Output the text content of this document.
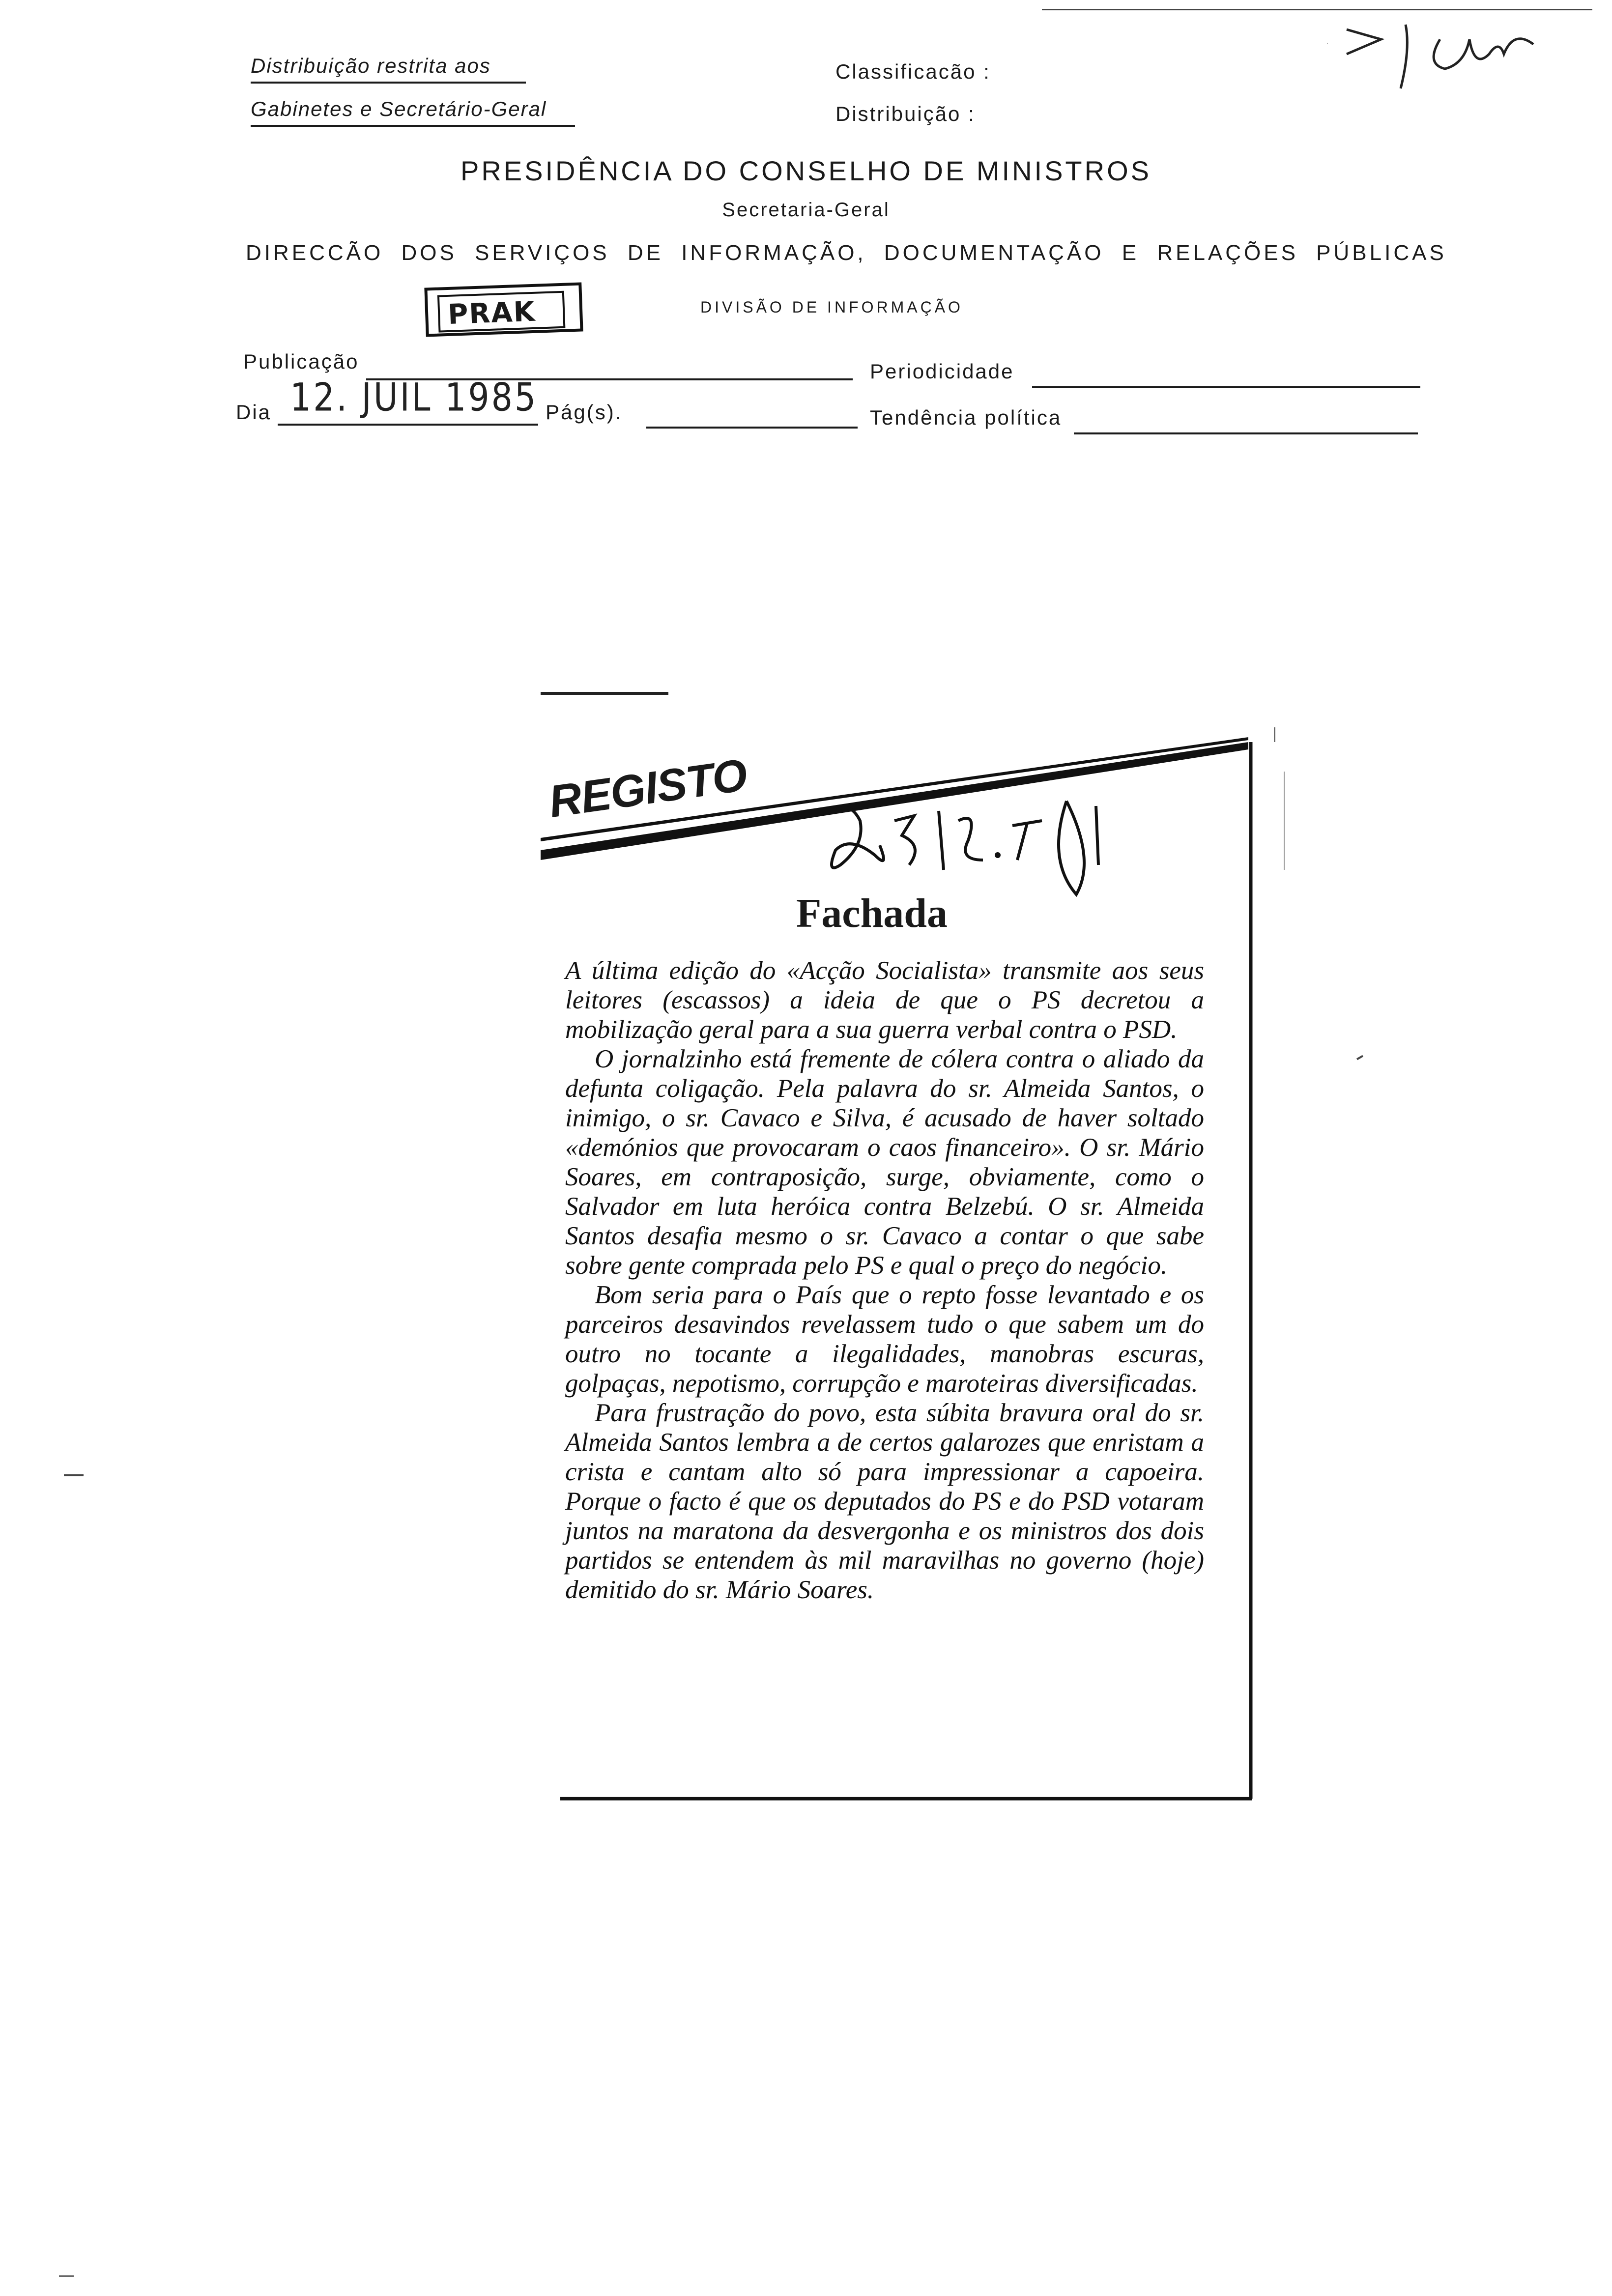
Distribuição restrita aos
Gabinetes e Secretário-Geral
Classificacão :
Distribuição :
PRESIDÊNCIA DO CONSELHO DE MINISTROS
Secretaria-Geral
DIRECCÃO DOS SERVIÇOS DE INFORMAÇÃO, DOCUMENTAÇÃO E RELAÇÕES PÚBLICAS
PRAK	DIVISÃO DE INFORMAÇÃO
Publicação	Periodicidade
Dia 12. JUIL 1985 Pág(s).	Tendência política
REGISTO
Fachada

A última edição do «Acção Socialista» transmite aos seus leitores (escassos) a ideia de que o PS decretou a mobilização geral para a sua guerra verbal contra o PSD.

O jornalzinho está fremente de cólera contra o aliado da defunta coligação. Pela palavra do sr. Almeida Santos, o inimigo, o sr. Cavaco e Silva, é acusado de haver soltado «demónios que provocaram o caos financeiro». O sr. Mário Soares, em contraposição, surge, obviamente, como o Salvador em luta heróica contra Belzebú. O sr. Almeida Santos desafia mesmo o sr. Cavaco a contar o que sabe sobre gente comprada pelo PS e qual o preço do negócio.

Bom seria para o País que o repto fosse levantado e os parceiros desavindos revelassem tudo o que sabem um do outro no tocante a ilegalidades, manobras escuras, golpaças, nepotismo, corrupção e maroteiras diversificadas.

Para frustração do povo, esta súbita bravura oral do sr. Almeida Santos lembra a de certos galarozes que enristam a crista e cantam alto só para impressionar a capoeira. Porque o facto é que os deputados do PS e do PSD votaram juntos na maratona da desvergonha e os ministros dos dois partidos se entendem às mil maravilhas no governo (hoje) demitido do sr. Mário Soares.
